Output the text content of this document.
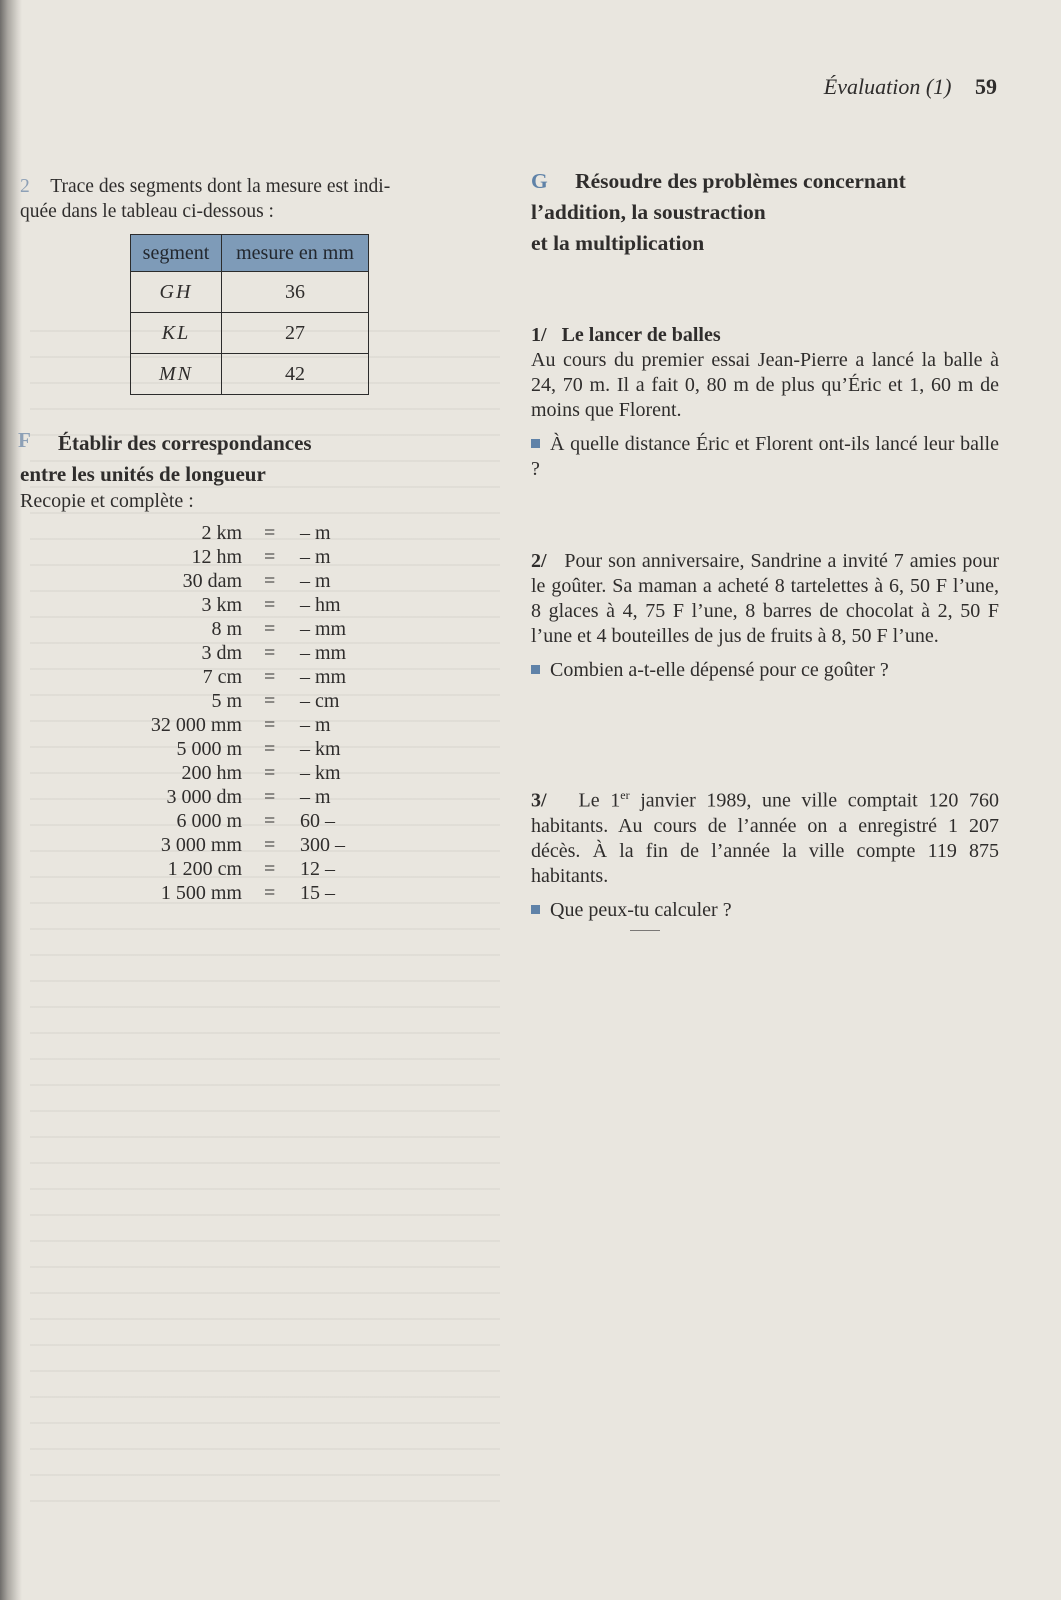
Évaluation (1) 59
2 Trace des segments dont la mesure est indi-
quée dans le tableau ci-dessous :
segment	mesure en mm
GH	36
KL	27
MN	42
F	Établir des correspondances
entre les unités de longueur
Recopie et complète :
2 km = – m
12 hm = – m
30 dam = – m
3 km = – hm
8 m = – mm
3 dm = – mm
7 cm = – mm
5 m = – cm
32 000 mm = – m
5 000 m = – km
200 hm = – km
3 000 dm = – m
6 000 m = 60 –
3 000 mm = 300 –
1 200 cm = 12 –
1 500 mm = 15 –
G Résoudre des problèmes concernant
l’addition, la soustraction
et la multiplication

1/ Le lancer de balles

Au cours du premier essai Jean-Pierre a lancé la balle à 24, 70 m. Il a fait 0, 80 m de plus qu’Éric et 1, 60 m de moins que Florent.

À quelle distance Éric et Florent ont-ils lancé leur balle ?

2/ Pour son anniversaire, Sandrine a invité 7 amies pour le goûter. Sa maman a acheté 8 tartelettes à 6, 50 F l’une, 8 glaces à 4, 75 F l’une, 8 barres de chocolat à 2, 50 F l’une et 4 bouteilles de jus de fruits à 8, 50 F l’une.

Combien a-t-elle dépensé pour ce goûter ?

3/ Le 1er janvier 1989, une ville comptait 120 760 habitants. Au cours de l’année on a enregistré 1 207 décès. À la fin de l’année la ville compte 119 875 habitants.

Que peux-tu calculer ?
